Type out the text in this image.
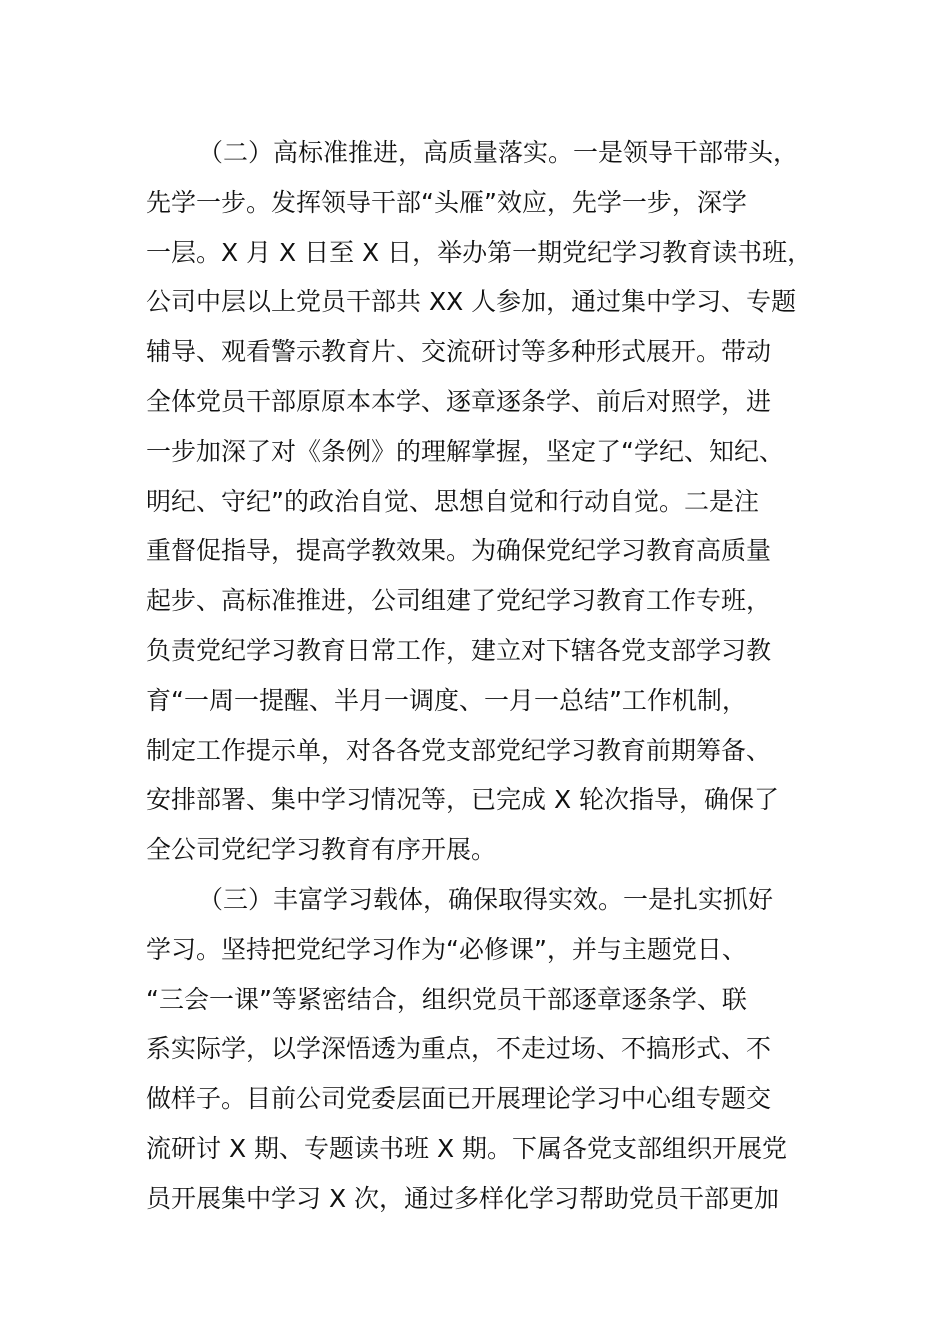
（二）高标准推进，高质量落实。一是领导干部带头，
先学一步。发挥领导干部“头雁”效应，先学一步，深学
一层。X 月 X 日至 X 日，举办第一期党纪学习教育读书班，
公司中层以上党员干部共 XX 人参加，通过集中学习、专题
辅导、观看警示教育片、交流研讨等多种形式展开。带动
全体党员干部原原本本学、逐章逐条学、前后对照学，进
一步加深了对《条例》的理解掌握，坚定了“学纪、知纪、
明纪、守纪”的政治自觉、思想自觉和行动自觉。二是注
重督促指导，提高学教效果。为确保党纪学习教育高质量
起步、高标准推进，公司组建了党纪学习教育工作专班，
负责党纪学习教育日常工作，建立对下辖各党支部学习教
育“一周一提醒、半月一调度、一月一总结”工作机制，
制定工作提示单，对各各党支部党纪学习教育前期筹备、
安排部署、集中学习情况等，已完成 X 轮次指导，确保了
全公司党纪学习教育有序开展。
（三）丰富学习载体，确保取得实效。一是扎实抓好
学习。坚持把党纪学习作为“必修课”，并与主题党日、
“三会一课”等紧密结合，组织党员干部逐章逐条学、联
系实际学，以学深悟透为重点，不走过场、不搞形式、不
做样子。目前公司党委层面已开展理论学习中心组专题交
流研讨 X 期、专题读书班 X 期。下属各党支部组织开展党
员开展集中学习 X 次，通过多样化学习帮助党员干部更加
